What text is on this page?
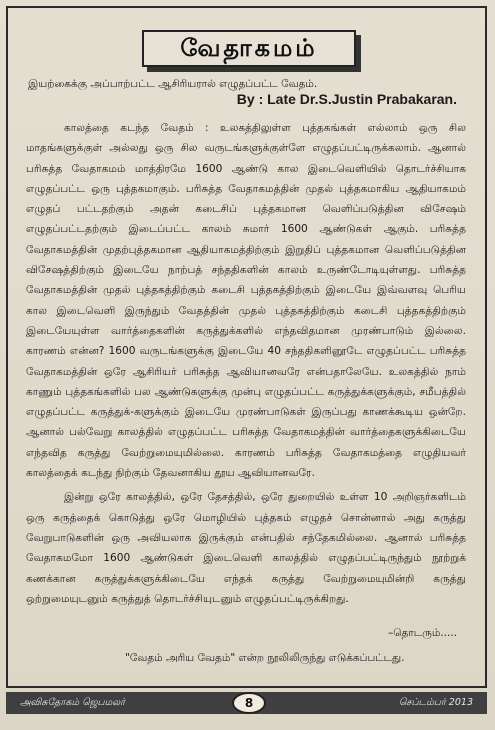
வேதாகமம்
இயற்கைக்கு அப்பாற்பட்ட ஆசிரியரால் எழுதப்பட்ட வேதம்.
By : Late Dr.S.Justin Prabakaran.

காலத்தை கடந்த வேதம் : உலகத்திலுள்ள புத்தகங்கள் எல்லாம் ஒரு சில மாதங்களுக்குள் அல்லது ஒரு சில வருடங்களுக்குள்ளே எழுதப்பட்டிருக்கலாம். ஆனால் பரிசுத்த வேதாகமம் மாத்திரமே 1600 ஆண்டு கால இடைவெளியில் தொடர்ச்சியாக எழுதப்பட்ட ஒரு புத்தகமாகும். பரிசுத்த வேதாகமத்தின் முதல் புத்தகமாகிய ஆதியாகமம் எழுதப் பட்டதற்கும் அதன் கடைசிப் புத்தகமான வெளிப்படுத்தின விசேஷம் எழுதப்பட்டதற்கும் இடைப்பட்ட காலம் சுமார் 1600 ஆண்டுகள் ஆகும். பரிசுத்த வேதாகமத்தின் முதற்புத்தகமான ஆதியாகமத்திற்கும் இறுதிப் புத்தகமான வெளிப்படுத்தின விசேஷத்திற்கும் இடையே நாற்பத் சந்ததிகளின் காலம் உருண்டோடியுள்ளது. பரிசுத்த வேதாகமத்தின் முதல் புத்தகத்திற்கும் கடைசி புத்தகத்திற்கும் இடையே இவ்வளவு பெரிய கால இடைவெளி இருந்தும் வேதத்தின் முதல் புத்தகத்திற்கும் கடைசி புத்தகத்திற்கும் இடையேயுள்ள வார்த்தைகளின் கருத்துக்களில் எந்தவிதமான முரண்பாடும் இல்லை. காரணம் என்ன? 1600 வருடங்களுக்கு இடையே 40 சந்ததிகளினூடே எழுதப்பட்ட பரிசுத்த வேதாகமத்தின் ஒரே ஆசிரியர் பரிசுத்த ஆவியானவரே என்பதாலேயே. உலகத்தில் நாம் காணும் புத்தகங்களில் பல ஆண்டுகளுக்கு முன்பு எழுதப்பட்ட கருத்துக்களுக்கும், சமீபத்தில் எழுதப்பட்ட கருத்துக்-களுக்கும் இடையே முரண்பாடுகள் இருப்பது காணக்கூடிய ஒன்றே. ஆனால் பல்வேறு காலத்தில் எழுதப்பட்ட பரிசுத்த வேதாகமத்தின் வார்த்தைகளுக்கிடையே எந்தவித கருத்து வேற்றுமையுமில்லை. காரணம் பரிசுத்த வேதாகமத்தை எழுதியவர் காலத்தைக் கடந்து நிற்கும் தேவனாகிய தூய ஆவியானவரே.

இன்று ஒரே காலத்தில், ஒரே தேசத்தில், ஒரே துறையில் உள்ள 10 அறிஞர்களிடம் ஒரு கருத்தைக் கொடுத்து ஒரே மொழியில் புத்தகம் எழுதச் சொன்னால் அது கருத்து வேறுபாடுகளின் ஒரு அவியலாக இருக்கும் என்பதில் சந்தேகமில்லை. ஆனால் பரிசுத்த வேதாகமமோ 1600 ஆண்டுகள் இடைவெளி காலத்தில் எழுதப்பட்டிருந்தும் நூற்றுக் கணக்கான கருத்துக்களுக்கிடையே எந்தக் கருத்து வேற்றுமையுமின்றி கருத்து ஒற்றுமையுடனும் கருத்துத் தொடர்ச்சியுடனும் எழுதப்பட்டிருக்கிறது.

–தொடரும்.....
"வேதம் அரிய வேதம்" என்ற நூலிலிருந்து எடுக்கப்பட்டது.
அவிசுதோகம் ஜெபமலர்	8	செப்டம்பர் 2013
